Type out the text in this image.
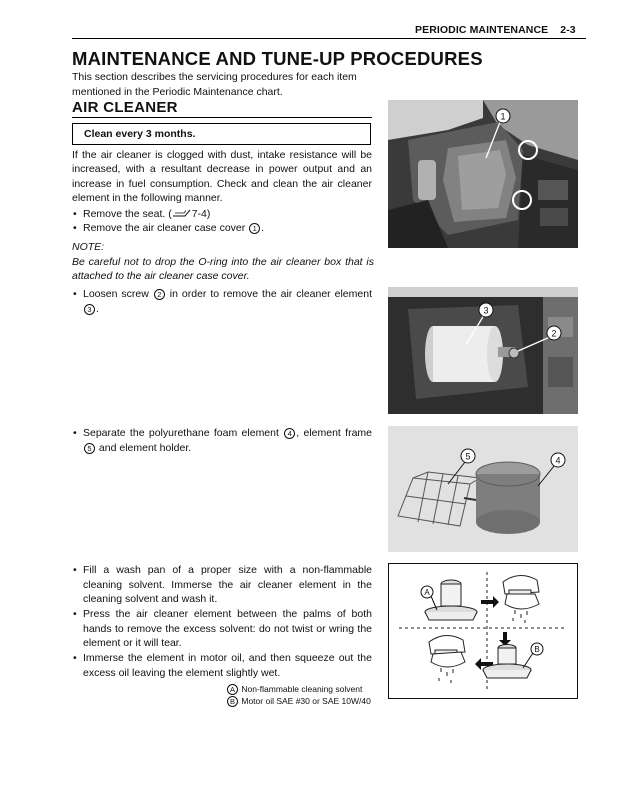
PERIODIC MAINTENANCE 2-3
MAINTENANCE AND TUNE-UP PROCEDURES
This section describes the servicing procedures for each item mentioned in the Periodic Maintenance chart.
AIR CLEANER
Clean every 3 months.
If the air cleaner is clogged with dust, intake resistance will be increased, with a resultant decrease in power output and an increase in fuel consumption. Check and clean the air cleaner element in the following manner.
• Remove the seat. ( 7-4)
• Remove the air cleaner case cover 1 .
NOTE:
Be careful not to drop the O-ring into the air cleaner box that is attached to the air cleaner case cover.
• Loosen screw 2 in order to remove the air cleaner element 3 .
• Separate the polyurethane foam element 4 , element frame 5 and element holder.
• Fill a wash pan of a proper size with a non-flammable cleaning solvent. Immerse the air cleaner element in the cleaning solvent and wash it.
• Press the air cleaner element between the palms of both hands to remove the excess solvent: do not twist or wring the element or it will tear.
• Immerse the element in motor oil, and then squeeze out the excess oil leaving the element slightly wet.
A Non-flammable cleaning solvent
B Motor oil SAE #30 or SAE 10W/40
1
3
2
5	4
A
B
